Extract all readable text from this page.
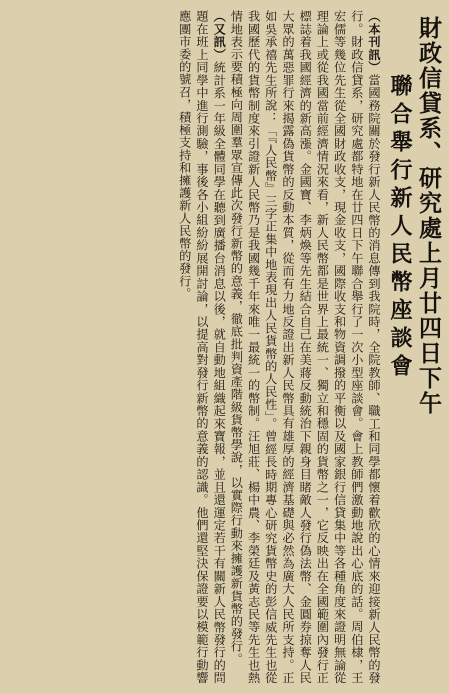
財政信貸系、研究處上月廿四日下午
聯合舉行新人民幣座談會

（本刊訊）當國務院關於發行新人民幣的消息傳到我院時，全院教師、職工和同學都懷着歡欣的心情來迎接新人民幣的發行。財政信貸系，研究處都特地在廿四日下午聯合舉行了一次小型座談會。會上教師們激動地說出心底的話。周伯棣，王宏儒等幾位先生從全國財政收支，現金收支，國際收支和物資調撥的平衡以及國家銀行信貸集中等各種角度來證明無論從理論上或從我國當前經濟情況來看，新人民幣都是世界上最統一、獨立和穩固的貨幣之一，它反映出在全國範圍內發行正標誌着我國經濟的新高漲。金國寶、李炳煥等先生結合自己在美蔣反動統治下親身目睹敵人發行偽法幣、金圓券掠奪人民大眾的萬惡罪行來揭露偽貨幣的反動本質，從而有力地反證出新人民幣具有雄厚的經濟基礎與必然為廣大人民所支持。正如吳承禧先生所說：「『人民幣』三字正集中地表現出人民貨幣的人民性」。曾經長時期專心研究貨幣史的彭信威先生也從我國歷代的貨幣制度來引證新人民幣乃是我國幾千年來唯一最統一的幣制。汪旭莊、楊中農、李榮廷及黃志民等先生也熱情地表示要積極向周圍羣眾宣傳此次發行新幣的意義，徹底批判資產階級貨幣學說，以實際行動來擁護新貨幣的發行。

（又訊）統計系一年級全體同學在聽到廣播台消息以後，就自動地組織起來寶報，並且還運定若干有關新人民幣發行的問題在班上同學中進行測驗，事後各小組紛紛展開討論，以提高對發行新幣的意義的認識。他們還堅決保證要以模範行動響應團市委的號召，積極支持和擁護新人民幣的發行。
